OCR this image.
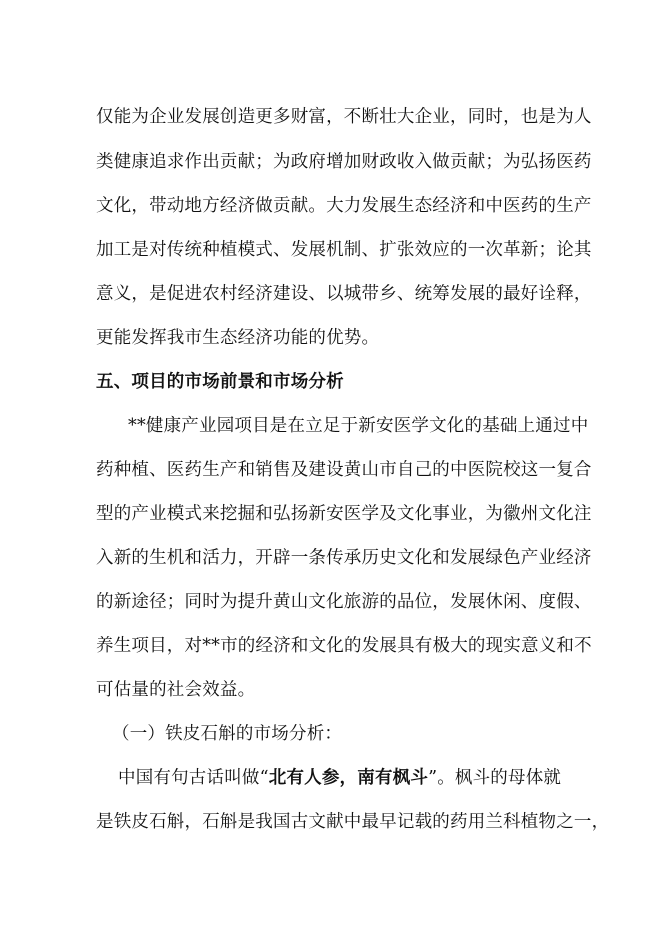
仅能为企业发展创造更多财富，不断壮大企业，同时，也是为人
类健康追求作出贡献；为政府增加财政收入做贡献；为弘扬医药
文化，带动地方经济做贡献。大力发展生态经济和中医药的生产
加工是对传统种植模式、发展机制、扩张效应的一次革新；论其
意义，是促进农村经济建设、以城带乡、统筹发展的最好诠释，
更能发挥我市生态经济功能的优势。
五、项目的市场前景和市场分析
**健康产业园项目是在立足于新安医学文化的基础上通过中
药种植、医药生产和销售及建设黄山市自己的中医院校这一复合
型的产业模式来挖掘和弘扬新安医学及文化事业，为徽州文化注
入新的生机和活力，开辟一条传承历史文化和发展绿色产业经济
的新途径；同时为提升黄山文化旅游的品位，发展休闲、度假、
养生项目，对**市的经济和文化的发展具有极大的现实意义和不
可估量的社会效益。
（一）铁皮石斛的市场分析：
中国有句古话叫做“北有人参，南有枫斗”。枫斗的母体就
是铁皮石斛，石斛是我国古文献中最早记载的药用兰科植物之一，
